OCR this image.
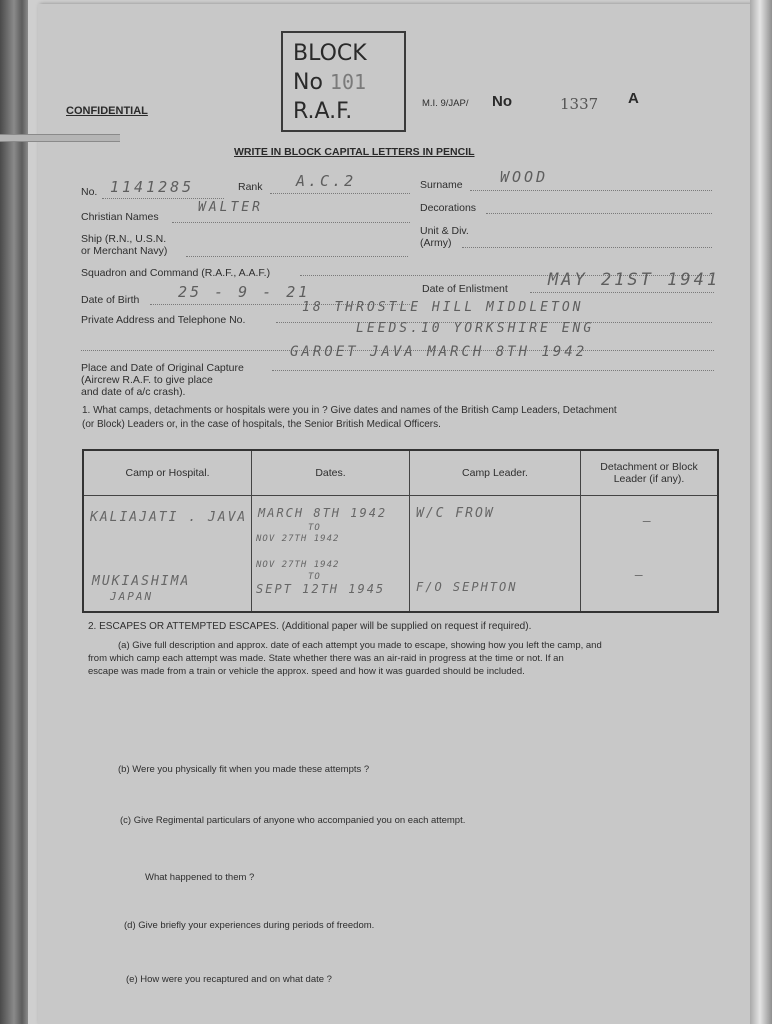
CONFIDENTIAL
BLOCK
No 101
R.A.F.	M.I. 9/JAP/ No	1337 A
WRITE IN BLOCK CAPITAL LETTERS IN PENCIL
No. 1141285	Rank A.C.2	Surname WOOD
Christian Names
WALTER	Decorations
Ship (R.N., U.S.N.
or Merchant Navy)
Unit & Div.
(Army)
Squadron and Command (R.A.F., A.A.F.)
Date of Birth	25 - 9 - 21	Date of Enlistment MAY 21ST 1941
Private Address and Telephone No.
18 THROSTLE HILL MIDDLETON
LEEDS.10 YORKSHIRE ENG
Place and Date of Original Capture
(Aircrew R.A.F. to give place
and date of a/c crash).
GAROET JAVA MARCH 8TH 1942
1. What camps, detachments or hospitals were you in ? Give dates and names of the British Camp Leaders, Detachment
(or Block) Leaders or, in the case of hospitals, the Senior British Medical Officers.
Camp or Hospital.	Dates.	Camp Leader.	Detachment or Block Leader (if any).

KALIAJATI . JAVA	MARCH 8TH 1942
TO
NOV 27TH 1942	W/C FROW	—

MUKIASHIMA
JAPAN	NOV 27TH 1942
TO
SEPT 12TH 1945	F/O SEPHTON	—
2. ESCAPES OR ATTEMPTED ESCAPES. (Additional paper will be supplied on request if required).
(a) Give full description and approx. date of each attempt you made to escape, showing how you left the camp, and
from which camp each attempt was made. State whether there was an air-raid in progress at the time or not. If an
escape was made from a train or vehicle the approx. speed and how it was guarded should be included.
(b) Were you physically fit when you made these attempts ?
(c) Give Regimental particulars of anyone who accompanied you on each attempt.
What happened to them ?
(d) Give briefly your experiences during periods of freedom.
(e) How were you recaptured and on what date ?
